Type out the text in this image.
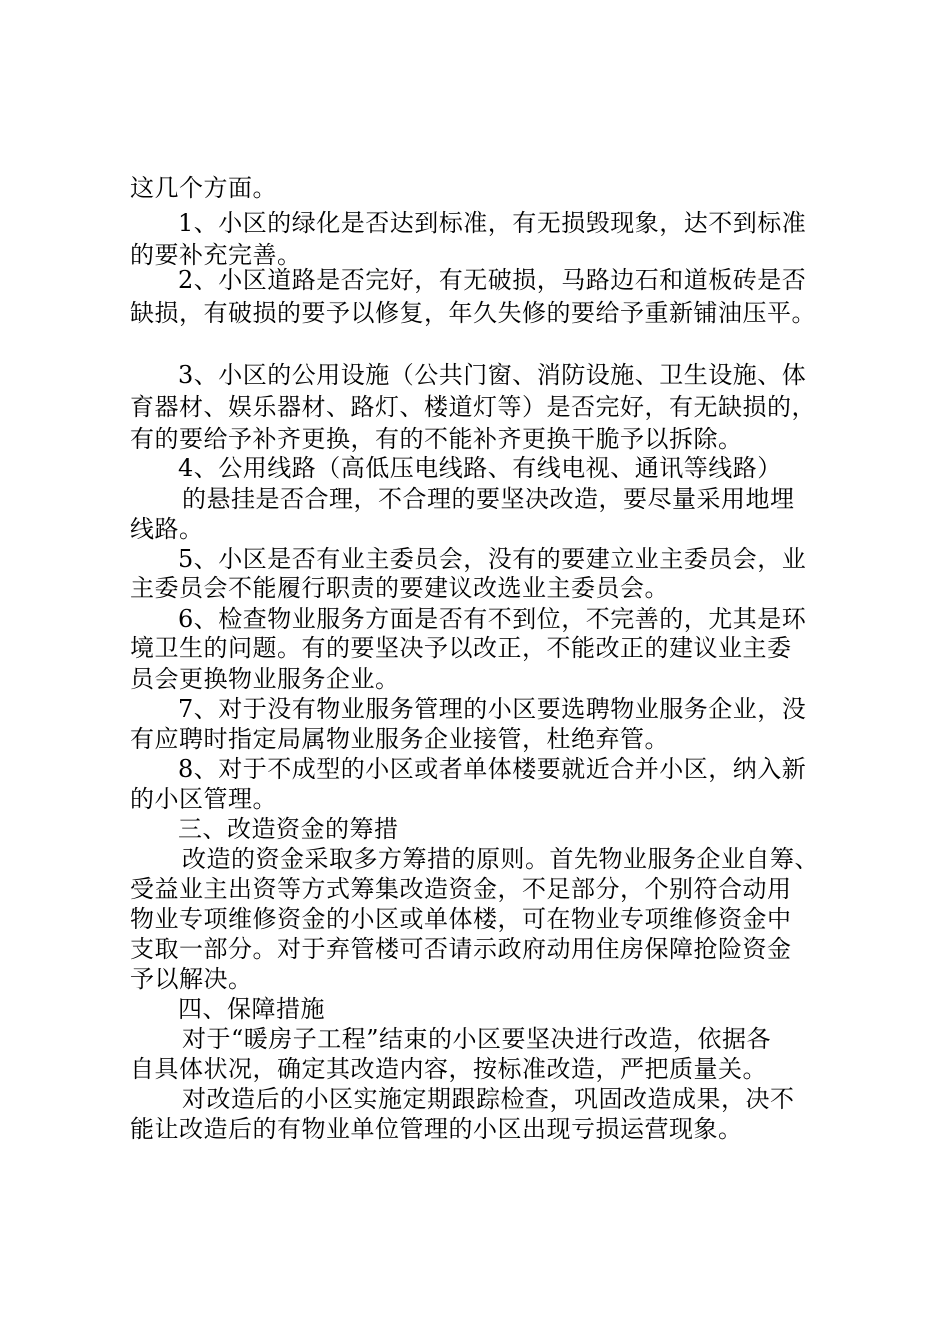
这几个方面。
1、小区的绿化是否达到标准，有无损毁现象，达不到标准
的要补充完善。
2、小区道路是否完好，有无破损，马路边石和道板砖是否
缺损，有破损的要予以修复，年久失修的要给予重新铺油压平。
3、小区的公用设施（公共门窗、消防设施、卫生设施、体
育器材、娱乐器材、路灯、楼道灯等）是否完好，有无缺损的，
有的要给予补齐更换，有的不能补齐更换干脆予以拆除。
4、公用线路（高低压电线路、有线电视、通讯等线路）
的悬挂是否合理，不合理的要坚决改造，要尽量采用地埋
线路。
5、小区是否有业主委员会，没有的要建立业主委员会，业
主委员会不能履行职责的要建议改选业主委员会。
6、检查物业服务方面是否有不到位，不完善的，尤其是环
境卫生的问题。有的要坚决予以改正，不能改正的建议业主委
员会更换物业服务企业。
7、对于没有物业服务管理的小区要选聘物业服务企业，没
有应聘时指定局属物业服务企业接管，杜绝弃管。
8、对于不成型的小区或者单体楼要就近合并小区，纳入新
的小区管理。
三、改造资金的筹措
改造的资金采取多方筹措的原则。首先物业服务企业自筹、
受益业主出资等方式筹集改造资金，不足部分，个别符合动用
物业专项维修资金的小区或单体楼，可在物业专项维修资金中
支取一部分。对于弃管楼可否请示政府动用住房保障抢险资金
予以解决。
四、保障措施
对于“暖房子工程”结束的小区要坚决进行改造，依据各
自具体状况，确定其改造内容，按标准改造，严把质量关。
对改造后的小区实施定期跟踪检查，巩固改造成果，决不
能让改造后的有物业单位管理的小区出现亏损运营现象。
